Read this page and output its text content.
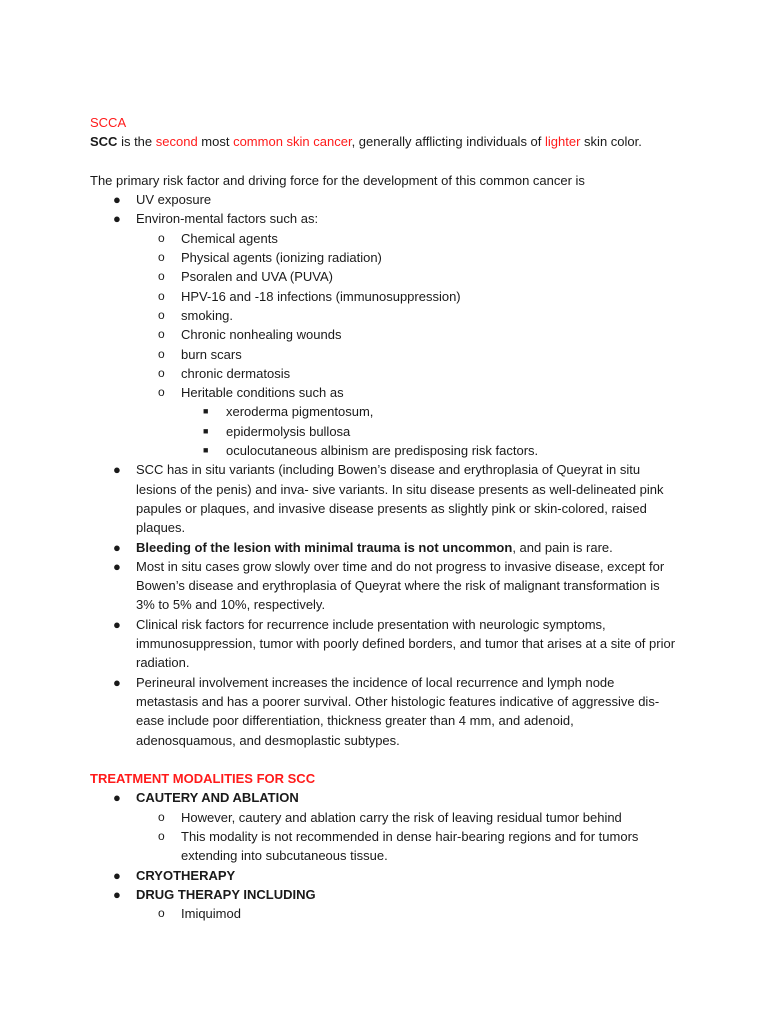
SCCA

SCC is the second most common skin cancer, generally afflicting individuals of lighter skin color.

The primary risk factor and driving force for the development of this common cancer is

● UV exposure
● Environ-mental factors such as:
o Chemical agents
o Physical agents (ionizing radiation)
o Psoralen and UVA (PUVA)
o HPV-16 and -18 infections (immunosuppression)
o smoking.
o Chronic nonhealing wounds
o burn scars
o chronic dermatosis
o Heritable conditions such as
■ xeroderma pigmentosum,
■ epidermolysis bullosa
■ oculocutaneous albinism are predisposing risk factors.
● SCC has in situ variants (including Bowen’s disease and erythroplasia of Queyrat in situ lesions of the penis) and inva- sive variants. In situ disease presents as well-delineated pink papules or plaques, and invasive disease presents as slightly pink or skin-colored, raised plaques.
● Bleeding of the lesion with minimal trauma is not uncommon, and pain is rare.
● Most in situ cases grow slowly over time and do not progress to invasive disease, except for Bowen’s disease and erythroplasia of Queyrat where the risk of malignant transformation is 3% to 5% and 10%, respectively.
● Clinical risk factors for recurrence include presentation with neurologic symptoms, immunosuppression, tumor with poorly defined borders, and tumor that arises at a site of prior radiation.
● Perineural involvement increases the incidence of local recurrence and lymph node metastasis and has a poorer survival. Other histologic features indicative of aggressive dis- ease include poor differentiation, thickness greater than 4 mm, and adenoid, adenosquamous, and desmoplastic subtypes.

TREATMENT MODALITIES FOR SCC

● CAUTERY AND ABLATION
o However, cautery and ablation carry the risk of leaving residual tumor behind
o This modality is not recommended in dense hair-bearing regions and for tumors extending into subcutaneous tissue.
● CRYOTHERAPY
● DRUG THERAPY INCLUDING
o Imiquimod
